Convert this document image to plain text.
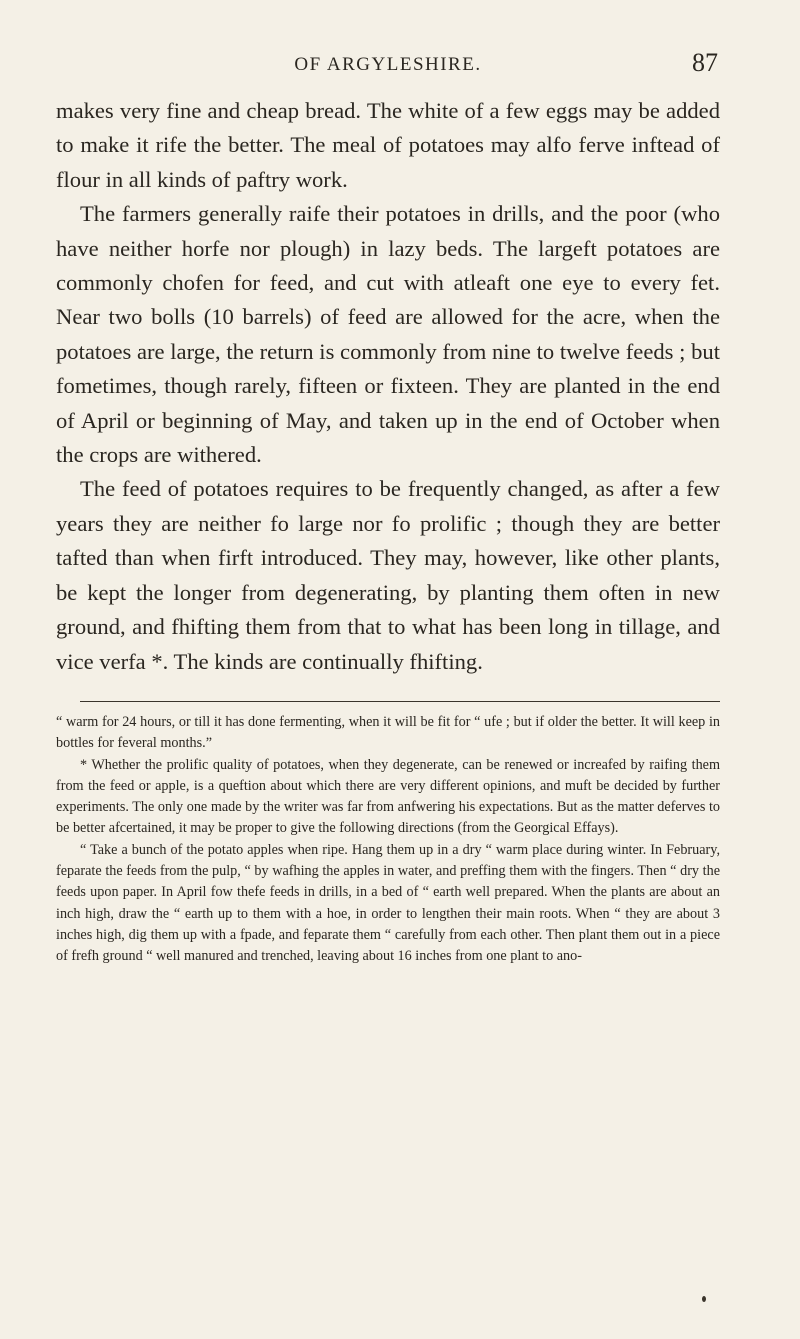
OF ARGYLESHIRE.	87

makes very fine and cheap bread. The white of a few eggs may be added to make it rife the better. The meal of potatoes may alfo ferve inftead of flour in all kinds of paftry work.

The farmers generally raife their potatoes in drills, and the poor (who have neither horfe nor plough) in lazy beds. The largeft potatoes are commonly chofen for feed, and cut with atleaft one eye to every fet. Near two bolls (10 barrels) of feed are allowed for the acre, when the potatoes are large, the return is commonly from nine to twelve feeds ; but fometimes, though rarely, fifteen or fixteen. They are planted in the end of April or beginning of May, and taken up in the end of October when the crops are withered.

The feed of potatoes requires to be frequently changed, as after a few years they are neither fo large nor fo prolific ; though they are better tafted than when firft introduced. They may, however, like other plants, be kept the longer from degenerating, by planting them often in new ground, and fhifting them from that to what has been long in tillage, and vice verfa *. The kinds are continually fhifting.

“ warm for 24 hours, or till it has done fermenting, when it will be fit for “ ufe ; but if older the better. It will keep in bottles for feveral months.”

* Whether the prolific quality of potatoes, when they degenerate, can be renewed or increafed by raifing them from the feed or apple, is a queftion about which there are very different opinions, and muft be decided by further experiments. The only one made by the writer was far from anfwering his expectations. But as the matter deferves to be better afcertained, it may be proper to give the following directions (from the Georgical Effays).

“ Take a bunch of the potato apples when ripe. Hang them up in a dry “ warm place during winter. In February, feparate the feeds from the pulp, “ by wafhing the apples in water, and preffing them with the fingers. Then “ dry the feeds upon paper. In April fow thefe feeds in drills, in a bed of “ earth well prepared. When the plants are about an inch high, draw the “ earth up to them with a hoe, in order to lengthen their main roots. When “ they are about 3 inches high, dig them up with a fpade, and feparate them “ carefully from each other. Then plant them out in a piece of frefh ground “ well manured and trenched, leaving about 16 inches from one plant to ano-
